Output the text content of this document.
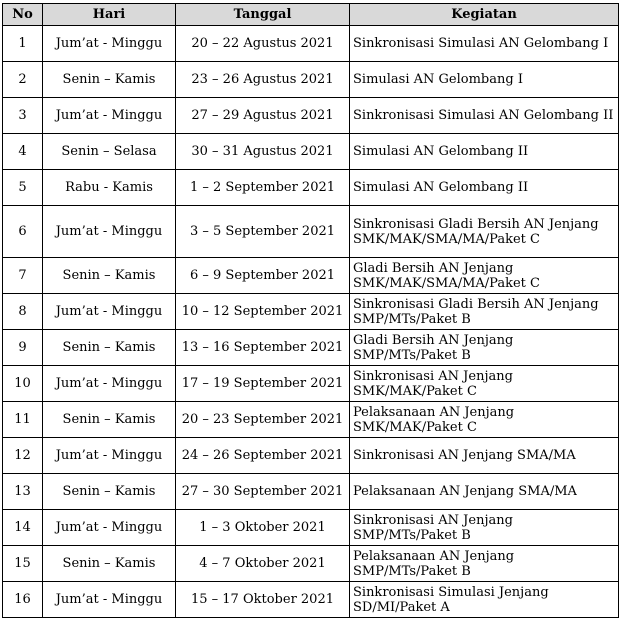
No	Hari	Tanggal	Kegiatan
1	Jum’at - Minggu	20 – 22 Agustus 2021	Sinkronisasi Simulasi AN Gelombang I
2	Senin – Kamis	23 – 26 Agustus 2021	Simulasi AN Gelombang I
3	Jum’at - Minggu	27 – 29 Agustus 2021	Sinkronisasi Simulasi AN Gelombang II
4	Senin – Selasa	30 – 31 Agustus 2021	Simulasi AN Gelombang II
5	Rabu - Kamis	1 – 2 September 2021	Simulasi AN Gelombang II
6	Jum’at - Minggu	3 – 5 September 2021	Sinkronisasi Gladi Bersih AN Jenjang SMK/MAK/SMA/MA/Paket C
7	Senin – Kamis	6 – 9 September 2021	Gladi Bersih AN Jenjang SMK/MAK/SMA/MA/Paket C
8	Jum’at - Minggu	10 – 12 September 2021	Sinkronisasi Gladi Bersih AN Jenjang SMP/MTs/Paket B
9	Senin – Kamis	13 – 16 September 2021	Gladi Bersih AN Jenjang SMP/MTs/Paket B
10	Jum’at - Minggu	17 – 19 September 2021	Sinkronisasi AN Jenjang SMK/MAK/Paket C
11	Senin – Kamis	20 – 23 September 2021	Pelaksanaan AN Jenjang SMK/MAK/Paket C
12	Jum’at - Minggu	24 – 26 September 2021	Sinkronisasi AN Jenjang SMA/MA
13	Senin – Kamis	27 – 30 September 2021	Pelaksanaan AN Jenjang SMA/MA
14	Jum’at - Minggu	1 – 3 Oktober 2021	Sinkronisasi AN Jenjang SMP/MTs/Paket B
15	Senin – Kamis	4 – 7 Oktober 2021	Pelaksanaan AN Jenjang SMP/MTs/Paket B
16	Jum’at - Minggu	15 – 17 Oktober 2021	Sinkronisasi Simulasi Jenjang SD/MI/Paket A
